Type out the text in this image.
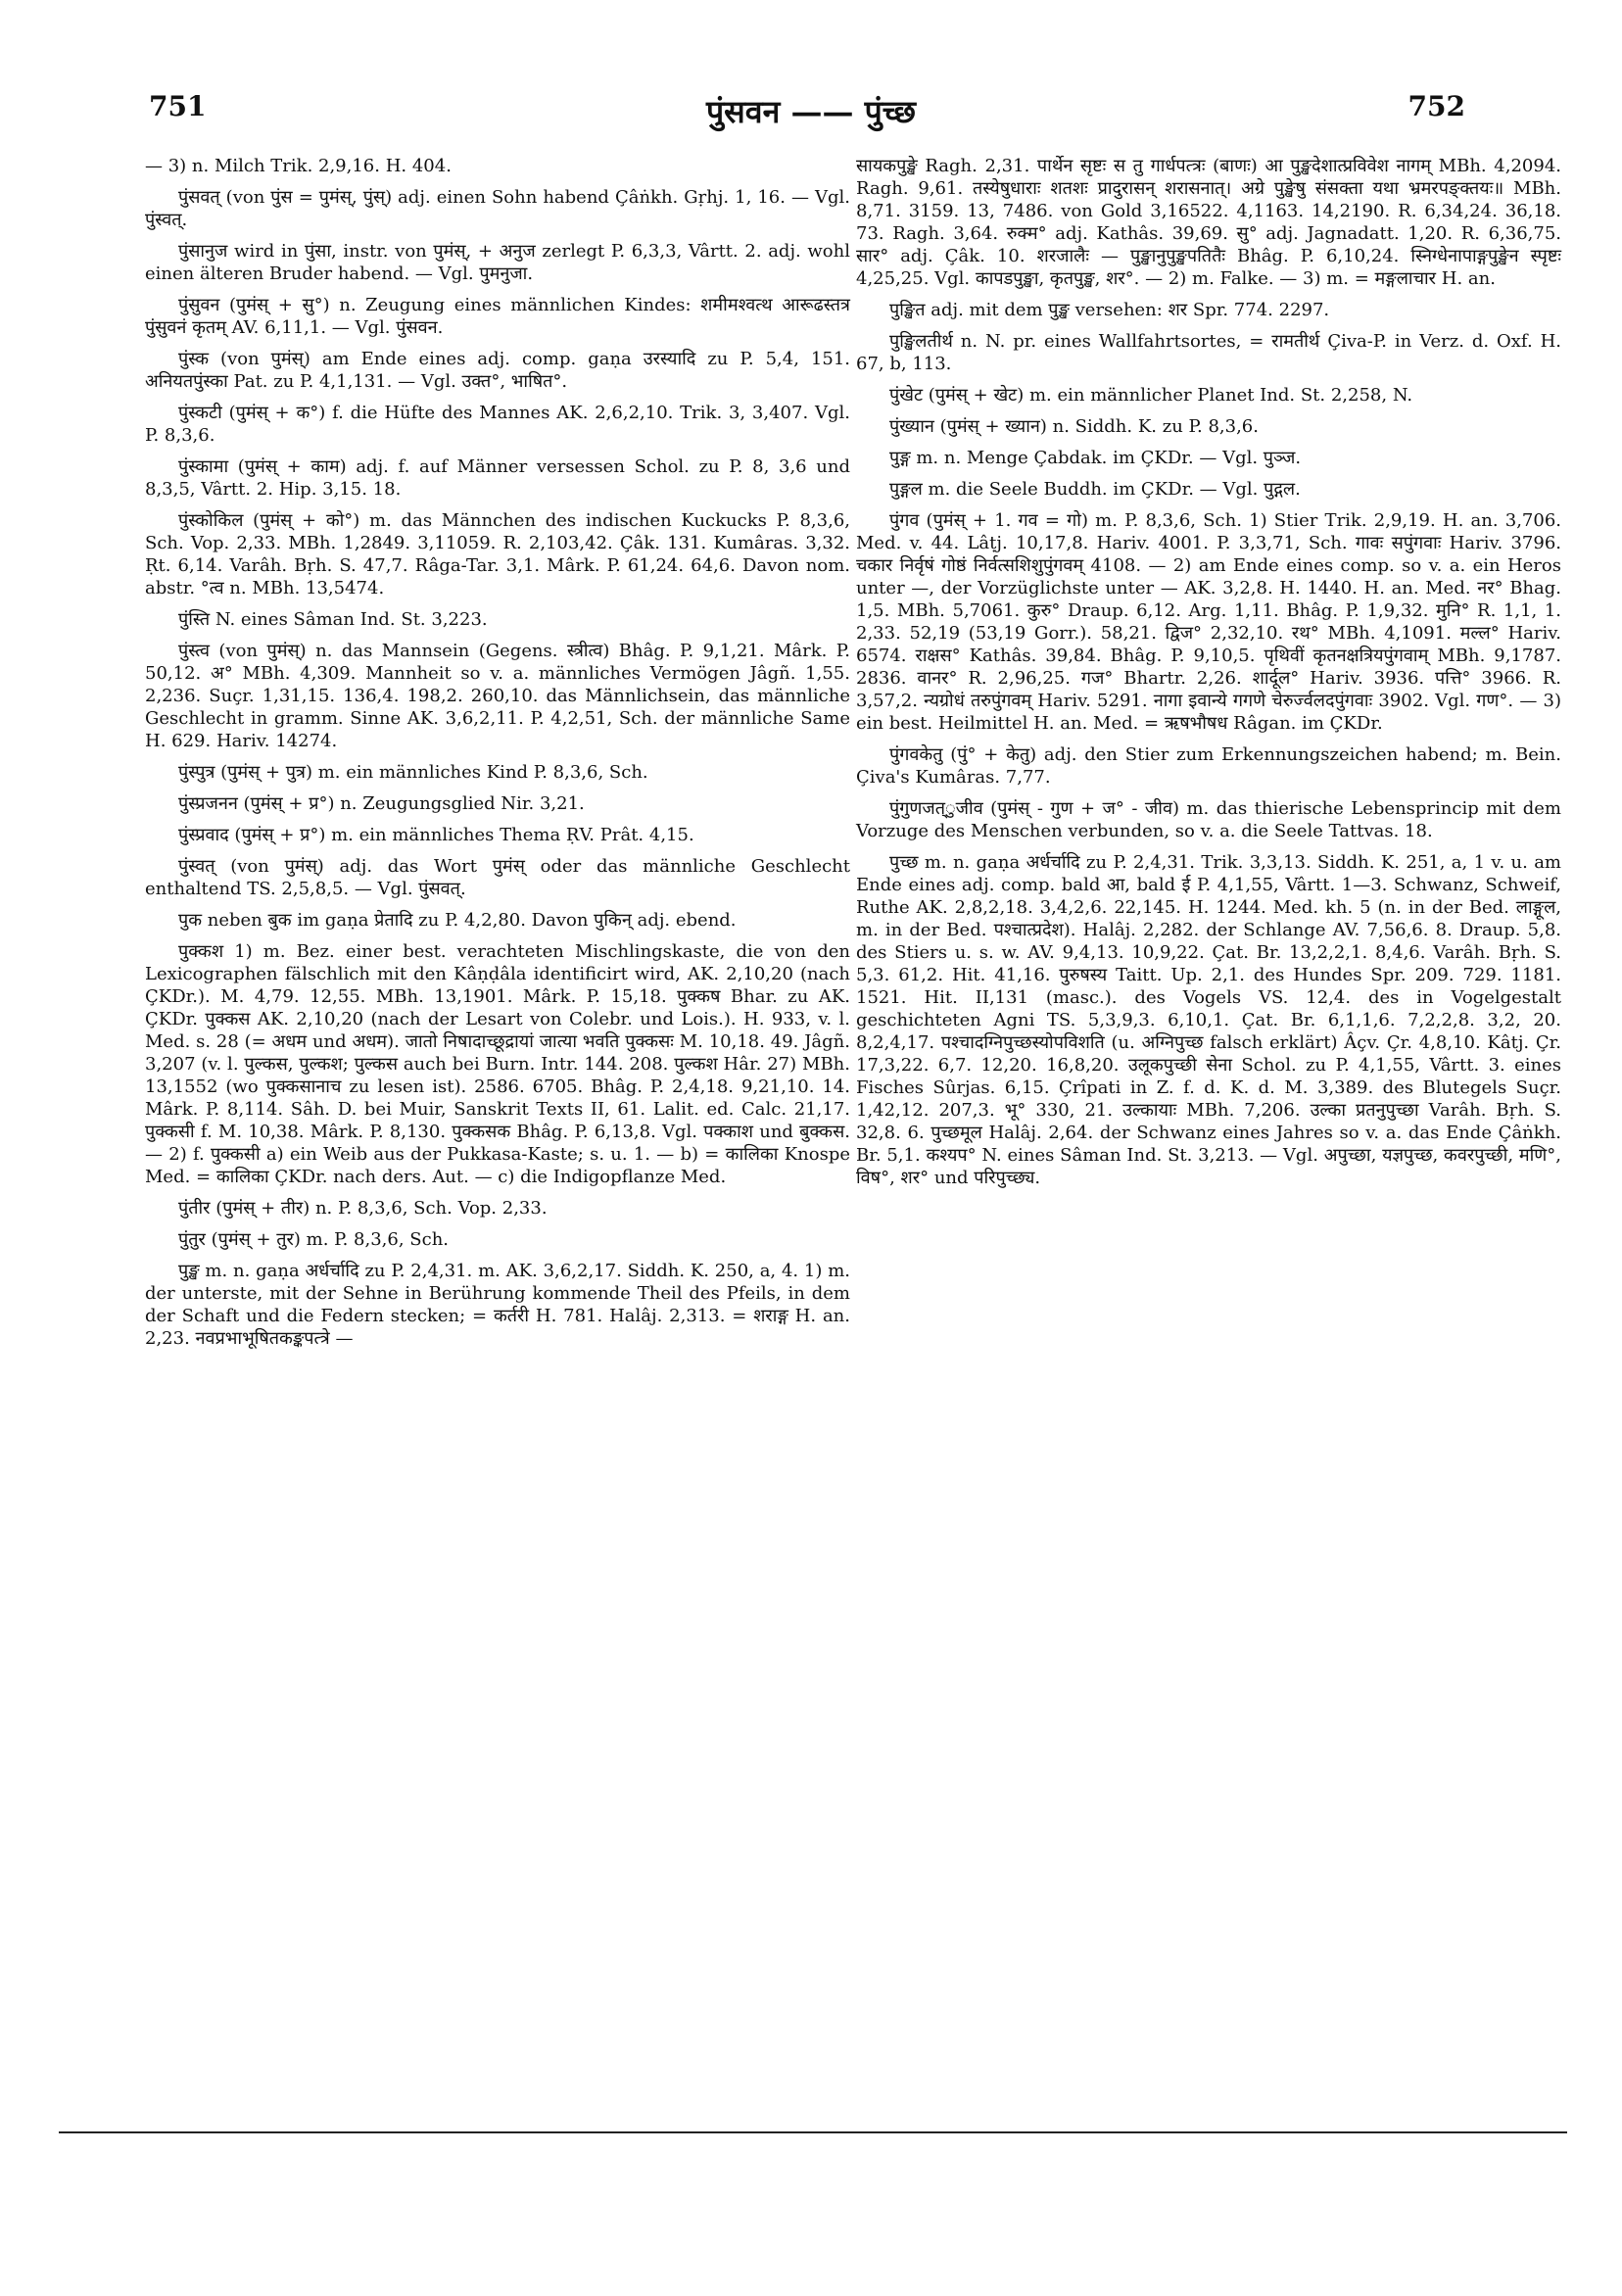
751	पुंसवन —— पुंच्छ	752

— 3) n. Milch Trik. 2,9,16. H. 404.

पुंसवत् (von पुंस = पुमंस्, पुंस्) adj. einen Sohn habend Çâṅkh. Gṛhj. 1, 16. — Vgl. पुंस्वत्.

पुंसानुज wird in पुंसा, instr. von पुमंस्, + अनुज zerlegt P. 6,3,3, Vârtt. 2. adj. wohl einen älteren Bruder habend. — Vgl. पुमनुजा.

पुंसुवन (पुमंस् + सु°) n. Zeugung eines männlichen Kindes: शमीमश्वत्थ आरूढस्तत्र पुंसुवनं कृतम् AV. 6,11,1. — Vgl. पुंसवन.

पुंस्क (von पुमंस्) am Ende eines adj. comp. gaṇa उरस्यादि zu P. 5,4, 151. अनियतपुंस्का Pat. zu P. 4,1,131. — Vgl. उक्त°, भाषित°.

पुंस्कटी (पुमंस् + क°) f. die Hüfte des Mannes AK. 2,6,2,10. Trik. 3, 3,407. Vgl. P. 8,3,6.

पुंस्कामा (पुमंस् + काम) adj. f. auf Männer versessen Schol. zu P. 8, 3,6 und 8,3,5, Vârtt. 2. Hip. 3,15. 18.

पुंस्कोकिल (पुमंस् + को°) m. das Männchen des indischen Kuckucks P. 8,3,6, Sch. Vop. 2,33. MBh. 1,2849. 3,11059. R. 2,103,42. Çâk. 131. Kumâras. 3,32. Ṛt. 6,14. Varâh. Bṛh. S. 47,7. Râga-Tar. 3,1. Mârk. P. 61,24. 64,6. Davon nom. abstr. °त्व n. MBh. 13,5474.

पुंस्ति N. eines Sâman Ind. St. 3,223.

पुंस्त्व (von पुमंस्) n. das Mannsein (Gegens. स्त्रीत्व) Bhâg. P. 9,1,21. Mârk. P. 50,12. अ° MBh. 4,309. Mannheit so v. a. männliches Vermögen Jâgñ. 1,55. 2,236. Suçr. 1,31,15. 136,4. 198,2. 260,10. das Männlichsein, das männliche Geschlecht in gramm. Sinne AK. 3,6,2,11. P. 4,2,51, Sch. der männliche Same H. 629. Hariv. 14274.

पुंस्पुत्र (पुमंस् + पुत्र) m. ein männliches Kind P. 8,3,6, Sch.

पुंस्प्रजनन (पुमंस् + प्र°) n. Zeugungsglied Nir. 3,21.

पुंस्प्रवाद (पुमंस् + प्र°) m. ein männliches Thema ṚV. Prât. 4,15.

पुंस्वत् (von पुमंस्) adj. das Wort पुमंस् oder das männliche Geschlecht enthaltend TS. 2,5,8,5. — Vgl. पुंसवत्.

पुक neben बुक im gaṇa प्रेतादि zu P. 4,2,80. Davon पुकिन् adj. ebend.

पुक्कश 1) m. Bez. einer best. verachteten Mischlingskaste, die von den Lexicographen fälschlich mit den Kâṇḍâla identificirt wird, AK. 2,10,20 (nach ÇKDr.). M. 4,79. 12,55. MBh. 13,1901. Mârk. P. 15,18. पुक्कष Bhar. zu AK. ÇKDr. पुक्कस AK. 2,10,20 (nach der Lesart von Colebr. und Lois.). H. 933, v. l. Med. s. 28 (= अधम und अधम). जातो निषादाच्छूद्रायां जात्या भवति पुक्कसः M. 10,18. 49. Jâgñ. 3,207 (v. l. पुल्कस, पुल्कश; पुल्कस auch bei Burn. Intr. 144. 208. पुल्कश Hâr. 27) MBh. 13,1552 (wo पुक्कसानाच zu lesen ist). 2586. 6705. Bhâg. P. 2,4,18. 9,21,10. 14. Mârk. P. 8,114. Sâh. D. bei Muir, Sanskrit Texts II, 61. Lalit. ed. Calc. 21,17. पुक्कसी f. M. 10,38. Mârk. P. 8,130. पुक्कसक Bhâg. P. 6,13,8. Vgl. पक्काश und बुक्कस. — 2) f. पुक्कसी a) ein Weib aus der Pukkasa-Kaste; s. u. 1. — b) = कालिका Knospe Med. = कालिका ÇKDr. nach ders. Aut. — c) die Indigopflanze Med.

पुंतीर (पुमंस् + तीर) n. P. 8,3,6, Sch. Vop. 2,33.

पुंतुर (पुमंस् + तुर) m. P. 8,3,6, Sch.

पुङ्ख m. n. gaṇa अर्धर्चादि zu P. 2,4,31. m. AK. 3,6,2,17. Siddh. K. 250, a, 4. 1) m. der unterste, mit der Sehne in Berührung kommende Theil des Pfeils, in dem der Schaft und die Federn stecken; = कर्तरी H. 781. Halâj. 2,313. = शराङ्ग H. an. 2,23. नवप्रभाभूषितकङ्कपत्त्रे —

सायकपुङ्खे Ragh. 2,31. पार्थेन सृष्टः स तु गार्धपत्त्रः (बाणः) आ पुङ्खदेशात्प्रविवेश नागम् MBh. 4,2094. Ragh. 9,61. तस्येषुधाराः शतशः प्रादुरासन् शरासनात्। अग्रे पुङ्खेषु संसक्ता यथा भ्रमरपङ्क्तयः॥ MBh. 8,71. 3159. 13, 7486. von Gold 3,16522. 4,1163. 14,2190. R. 6,34,24. 36,18. 73. Ragh. 3,64. रुक्म° adj. Kathâs. 39,69. सु° adj. Jagnadatt. 1,20. R. 6,36,75. सार° adj. Çâk. 10. शरजालैः — पुङ्खानुपुङ्खपतितैः Bhâg. P. 6,10,24. स्निग्धेनापाङ्गपुङ्खेन स्पृष्टः 4,25,25. Vgl. कापडपुङ्खा, कृतपुङ्ख, शर°. — 2) m. Falke. — 3) m. = मङ्गलाचार H. an.

पुङ्खित adj. mit dem पुङ्ख versehen: शर Spr. 774. 2297.

पुङ्खिलतीर्थ n. N. pr. eines Wallfahrtsortes, = रामतीर्थ Çiva-P. in Verz. d. Oxf. H. 67, b, 113.

पुंखेट (पुमंस् + खेट) m. ein männlicher Planet Ind. St. 2,258, N.

पुंख्यान (पुमंस् + ख्यान) n. Siddh. K. zu P. 8,3,6.

पुङ्ग m. n. Menge Çabdak. im ÇKDr. — Vgl. पुञ्ज.

पुङ्गल m. die Seele Buddh. im ÇKDr. — Vgl. पुद्गल.

पुंगव (पुमंस् + 1. गव = गो) m. P. 8,3,6, Sch. 1) Stier Trik. 2,9,19. H. an. 3,706. Med. v. 44. Lâṭj. 10,17,8. Hariv. 4001. P. 3,3,71, Sch. गावः सपुंगवाः Hariv. 3796. चकार निर्वृषं गोष्ठं निर्वत्सशिशुपुंगवम् 4108. — 2) am Ende eines comp. so v. a. ein Heros unter —, der Vorzüglichste unter — AK. 3,2,8. H. 1440. H. an. Med. नर° Bhag. 1,5. MBh. 5,7061. कुरु° Draup. 6,12. Arg. 1,11. Bhâg. P. 1,9,32. मुनि° R. 1,1, 1. 2,33. 52,19 (53,19 Gorr.). 58,21. द्विज° 2,32,10. रथ° MBh. 4,1091. मल्ल° Hariv. 6574. राक्षस° Kathâs. 39,84. Bhâg. P. 9,10,5. पृथिवीं कृतनक्षत्रियपुंगवाम् MBh. 9,1787. 2836. वानर° R. 2,96,25. गज° Bhartr. 2,26. शार्दूल° Hariv. 3936. पत्ति° 3966. R. 3,57,2. न्यग्रोधं तरुपुंगवम् Hariv. 5291. नागा इवान्ये गगणे चेरुर्ज्वलदपुंगवाः 3902. Vgl. गण°. — 3) ein best. Heilmittel H. an. Med. = ऋषभौषध Râgan. im ÇKDr.

पुंगवकेतु (पुं° + केतु) adj. den Stier zum Erkennungszeichen habend; m. Bein. Çiva's Kumâras. 7,77.

पुंगुणजत्ुजीव (पुमंस् - गुण + ज° - जीव) m. das thierische Lebensprincip mit dem Vorzuge des Menschen verbunden, so v. a. die Seele Tattvas. 18.

पुच्छ m. n. gaṇa अर्धर्चादि zu P. 2,4,31. Trik. 3,3,13. Siddh. K. 251, a, 1 v. u. am Ende eines adj. comp. bald आ, bald ई P. 4,1,55, Vârtt. 1—3. Schwanz, Schweif, Ruthe AK. 2,8,2,18. 3,4,2,6. 22,145. H. 1244. Med. kh. 5 (n. in der Bed. लाङ्गूल, m. in der Bed. पश्चात्प्रदेश). Halâj. 2,282. der Schlange AV. 7,56,6. 8. Draup. 5,8. des Stiers u. s. w. AV. 9,4,13. 10,9,22. Çat. Br. 13,2,2,1. 8,4,6. Varâh. Bṛh. S. 5,3. 61,2. Hit. 41,16. पुरुषस्य Taitt. Up. 2,1. des Hundes Spr. 209. 729. 1181. 1521. Hit. II,131 (masc.). des Vogels VS. 12,4. des in Vogelgestalt geschichteten Agni TS. 5,3,9,3. 6,10,1. Çat. Br. 6,1,1,6. 7,2,2,8. 3,2, 20. 8,2,4,17. पश्चादग्निपुच्छस्योपविशति (u. अग्निपुच्छ falsch erklärt) Âçv. Çr. 4,8,10. Kâtj. Çr. 17,3,22. 6,7. 12,20. 16,8,20. उलूकपुच्छी सेना Schol. zu P. 4,1,55, Vârtt. 3. eines Fisches Sûrjas. 6,15. Çrîpati in Z. f. d. K. d. M. 3,389. des Blutegels Suçr. 1,42,12. 207,3. भू° 330, 21. उल्कायाः MBh. 7,206. उल्का प्रतनुपुच्छा Varâh. Bṛh. S. 32,8. 6. पुच्छमूल Halâj. 2,64. der Schwanz eines Jahres so v. a. das Ende Çâṅkh. Br. 5,1. कश्यप° N. eines Sâman Ind. St. 3,213. — Vgl. अपुच्छा, यज्ञपुच्छ, कवरपुच्छी, मणि°, विष°, शर° und परिपुच्छ्य.
